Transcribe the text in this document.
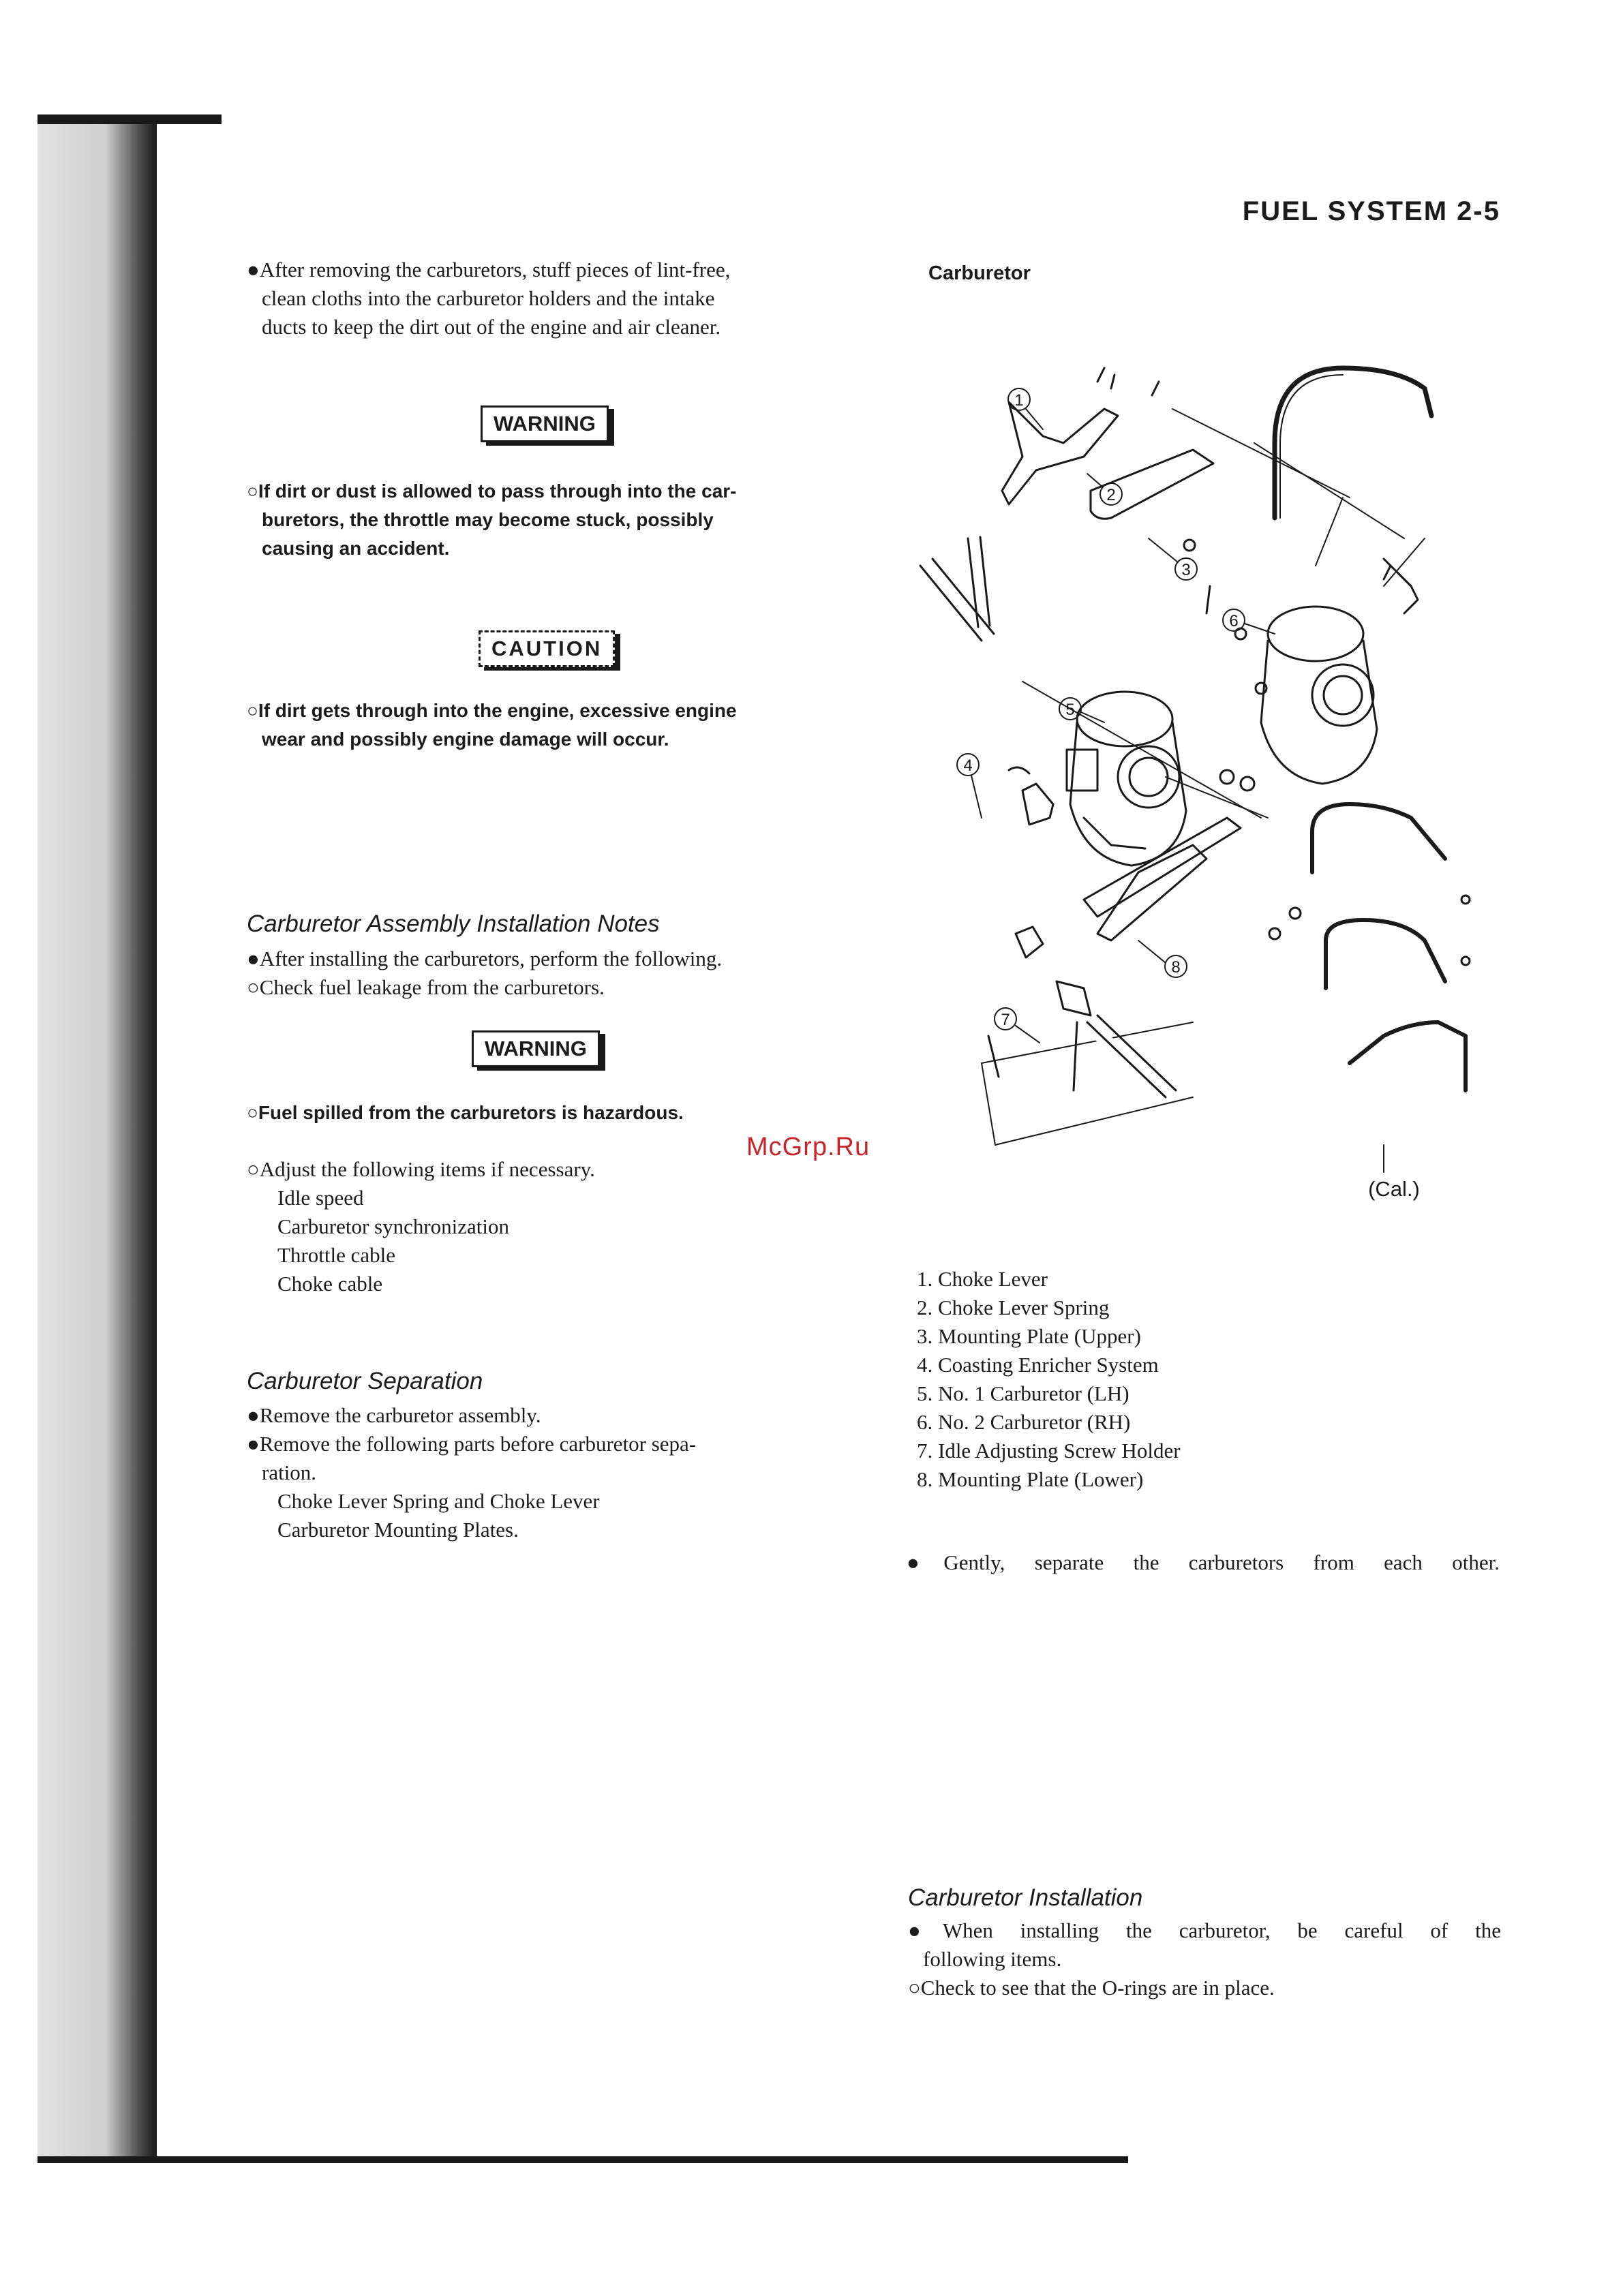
FUEL SYSTEM 2-5
●After removing the carburetors, stuff pieces of lint-free,
clean cloths into the carburetor holders and the intake
ducts to keep the dirt out of the engine and air cleaner.
WARNING
○If dirt or dust is allowed to pass through into the car-
buretors, the throttle may become stuck, possibly
causing an accident.
CAUTION
○If dirt gets through into the engine, excessive engine
wear and possibly engine damage will occur.
Carburetor Assembly Installation Notes
●After installing the carburetors, perform the following.
○Check fuel leakage from the carburetors.
WARNING
○Fuel spilled from the carburetors is hazardous.
○Adjust the following items if necessary.
Idle speed
Carburetor synchronization
Throttle cable
Choke cable
Carburetor Separation
●Remove the carburetor assembly.
●Remove the following parts before carburetor sepa-
ration.
Choke Lever Spring and Choke Lever
Carburetor Mounting Plates.
McGrp.Ru
Carburetor
1
2
3
4
5
6
7
8
(Cal.)
1. Choke Lever
2. Choke Lever Spring
3. Mounting Plate (Upper)
4. Coasting Enricher System
5. No. 1 Carburetor (LH)
6. No. 2 Carburetor (RH)
7. Idle Adjusting Screw Holder
8. Mounting Plate (Lower)
●Gently, separate the carburetors from each other.
Carburetor Installation
●When installing the carburetor, be careful of the
following items.
○Check to see that the O-rings are in place.
